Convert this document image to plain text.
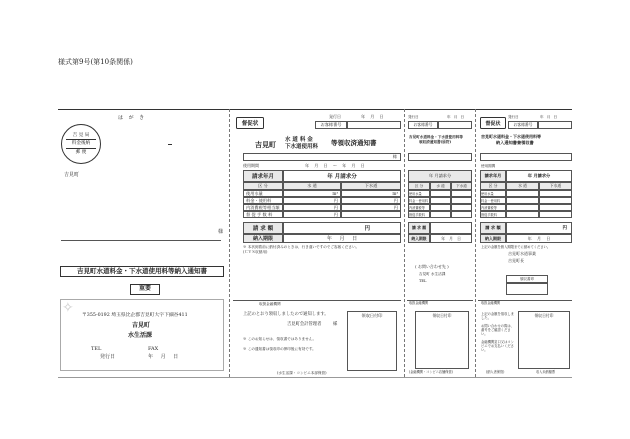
様式第9号(第10条関係)
は が き
吉 見 局
料金後納
郵 便
吉見町
様
吉見町水道料金・下水道使用料等納入通知書
重要
✧ 〒355-0192 埼玉県比企郡吉見町大字下細谷411
吉見町
水生活課
TEL	FAX
発行日	年 月 日
督促状
発行日	年 月 日
お客様番号
吉見町 水 道 料 金
下水道使用料 等領収済通知書
様
使用期間	年 月 日 〜 年 月 日
請求年月	年 月請求分
区 分	水 道	下水道
使用水量	m³	m³
料金・使用料	円	円
内消費税等相当額	円	円
督 促 手 数 料	円
請 求 額	円
納入期限	年 月 日
※ 本状到着前に納付済みのときは、行き違いですのでご容赦ください。
(ＣＶＳ収納用)
取扱金融機関
上記のとおり領収しましたので通知します。
吉見町会計管理者	様
領収日付印
※ このお知らせは、領収書ではありません。
※ この通知書は領収印の押印後に有効です。
(水生活課・コンビニ本部保管)
発行日	年 月 日
お客様番号
吉見町水道料金・下水道使用料等
領収済通知書(原符)
年 月請求分
区 分	水 道	下水道
使用水量
料金・使用料
内消費税等
督促手数料
請 求 額
納入期限	年 月 日
( お問い合わせ先 )
吉見町 水生活課
TEL
取扱金融機関
領収日付印
(金融機関・コンビニ店舗保管)
督促状
発行日	年 月 日
お客様番号
吉見町水道料金・下水道使用料等
納入通知書兼領収書
使用期間
請求年月	年 月請求分
区 分	水 道	下水道
使用水量
料金・使用料
内消費税等
督促手数料
請 求 額	円
納入期限	年 月 日
上記の金額を納入期限までに納めてください。
吉見町水道事業
吉見町長
領収書印
取扱金融機関
上記の金額を領収しました。
お問い合わせの際は、番号をご確認ください。
金融機関窓口又はコンビニでお支払いください。
領収日付印
(納入者保管)	収入未納額票
